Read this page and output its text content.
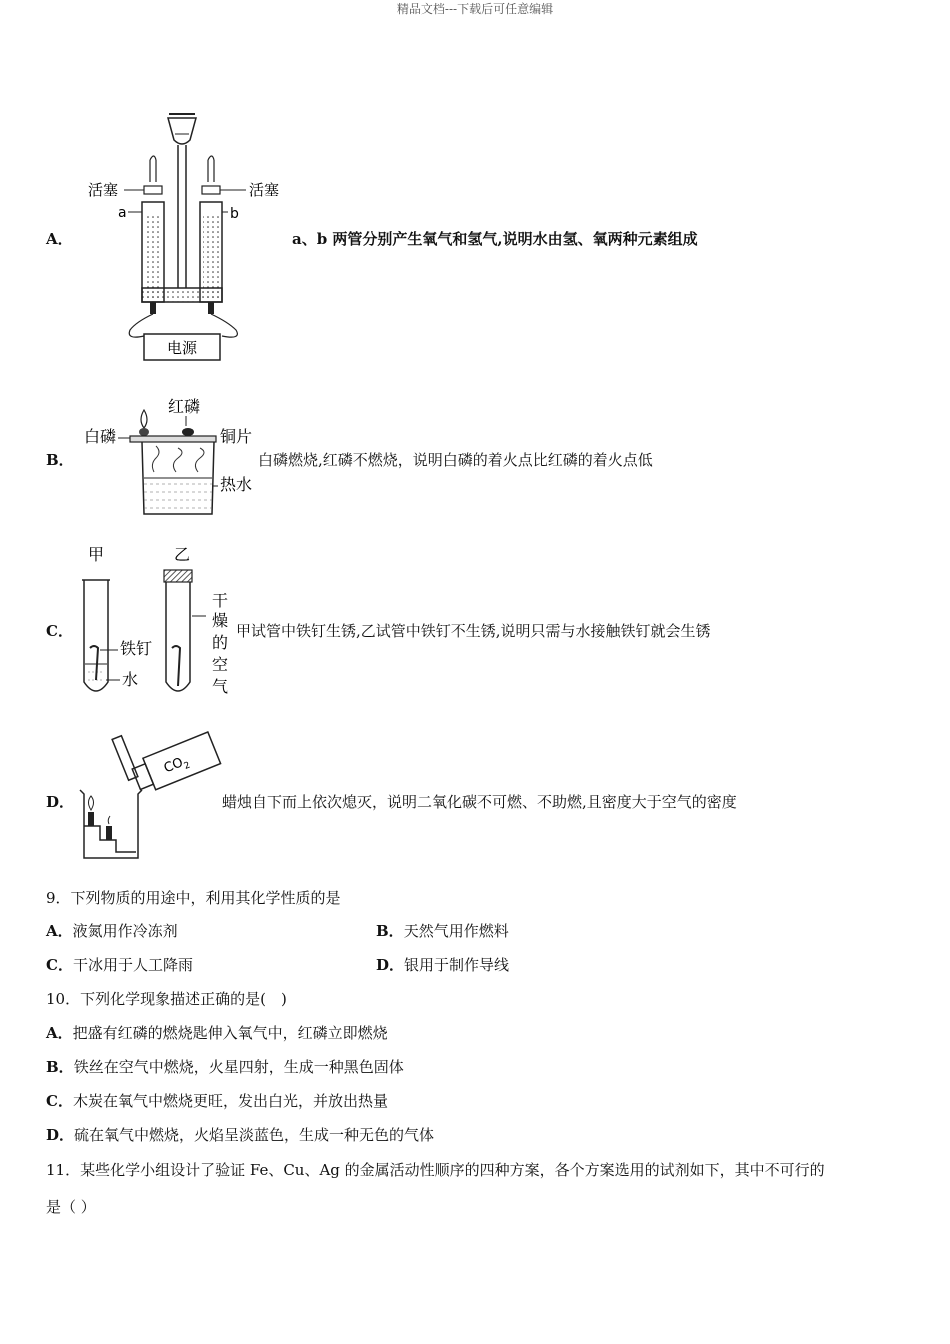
精品文档---下载后可任意编辑
A．
电源
活塞	活塞
a	b
a、b 两管分别产生氧气和氢气,说明水由氢、氧两种元素组成
B．
红磷
白磷	铜片
热水
白磷燃烧,红磷不燃烧，说明白磷的着火点比红磷的着火点低
C．
甲	乙
铁钉
水
干
燥
的
空
气
甲试管中铁钉生锈,乙试管中铁钉不生锈,说明只需与水接触铁钉就会生锈
D．
$CO_2$
蜡烛自下而上依次熄灭，说明二氧化碳不可燃、不助燃,且密度大于空气的密度
9．下列物质的用途中，利用其化学性质的是
A．液氮用作冷冻剂	B．天然气用作燃料
C．干冰用于人工降雨	D．银用于制作导线
10．下列化学现象描述正确的是(　)
A．把盛有红磷的燃烧匙伸入氧气中，红磷立即燃烧
B．铁丝在空气中燃烧，火星四射，生成一种黑色固体
C．木炭在氧气中燃烧更旺，发出白光，并放出热量
D．硫在氧气中燃烧，火焰呈淡蓝色，生成一种无色的气体
11．某些化学小组设计了验证 Fe、Cu、Ag 的金属活动性顺序的四种方案，各个方案选用的试剂如下，其中不可行的
是（ ）
